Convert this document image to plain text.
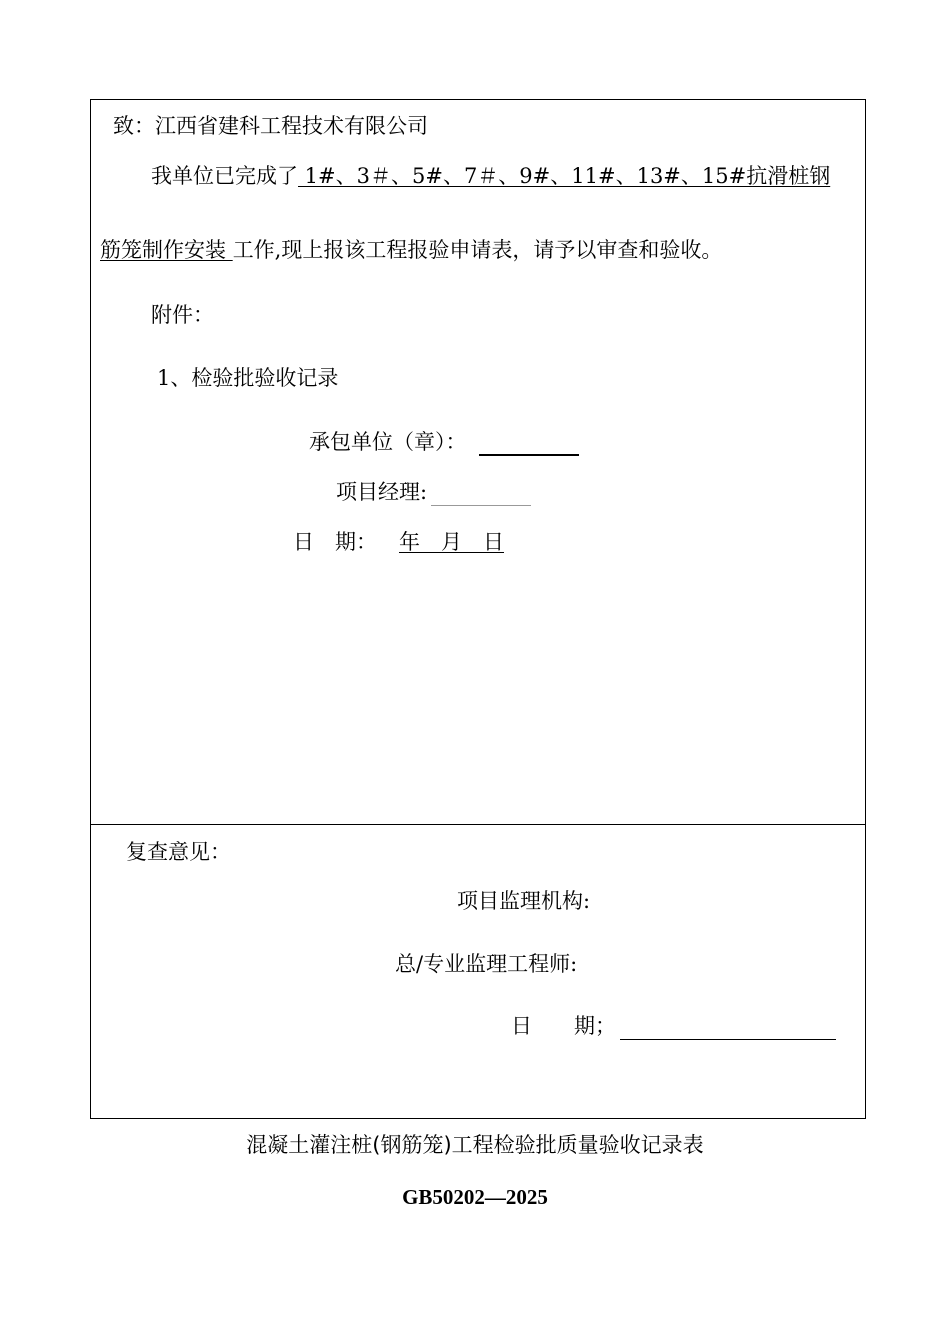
致：江西省建科工程技术有限公司
我单位已完成了 1#、3＃、5#、7＃、9#、11#、13#、15#抗滑桩钢
筋笼制作安装 工作,现上报该工程报验申请表，请予以审查和验收。
附件：
1、检验批验收记录
承包单位（章）：
项目经理:
日　期： 年　月　日
复查意见：
项目监理机构:
总/专业监理工程师:
日　　期；
混凝土灌注桩(钢筋笼)工程检验批质量验收记录表
GB50202—2025
